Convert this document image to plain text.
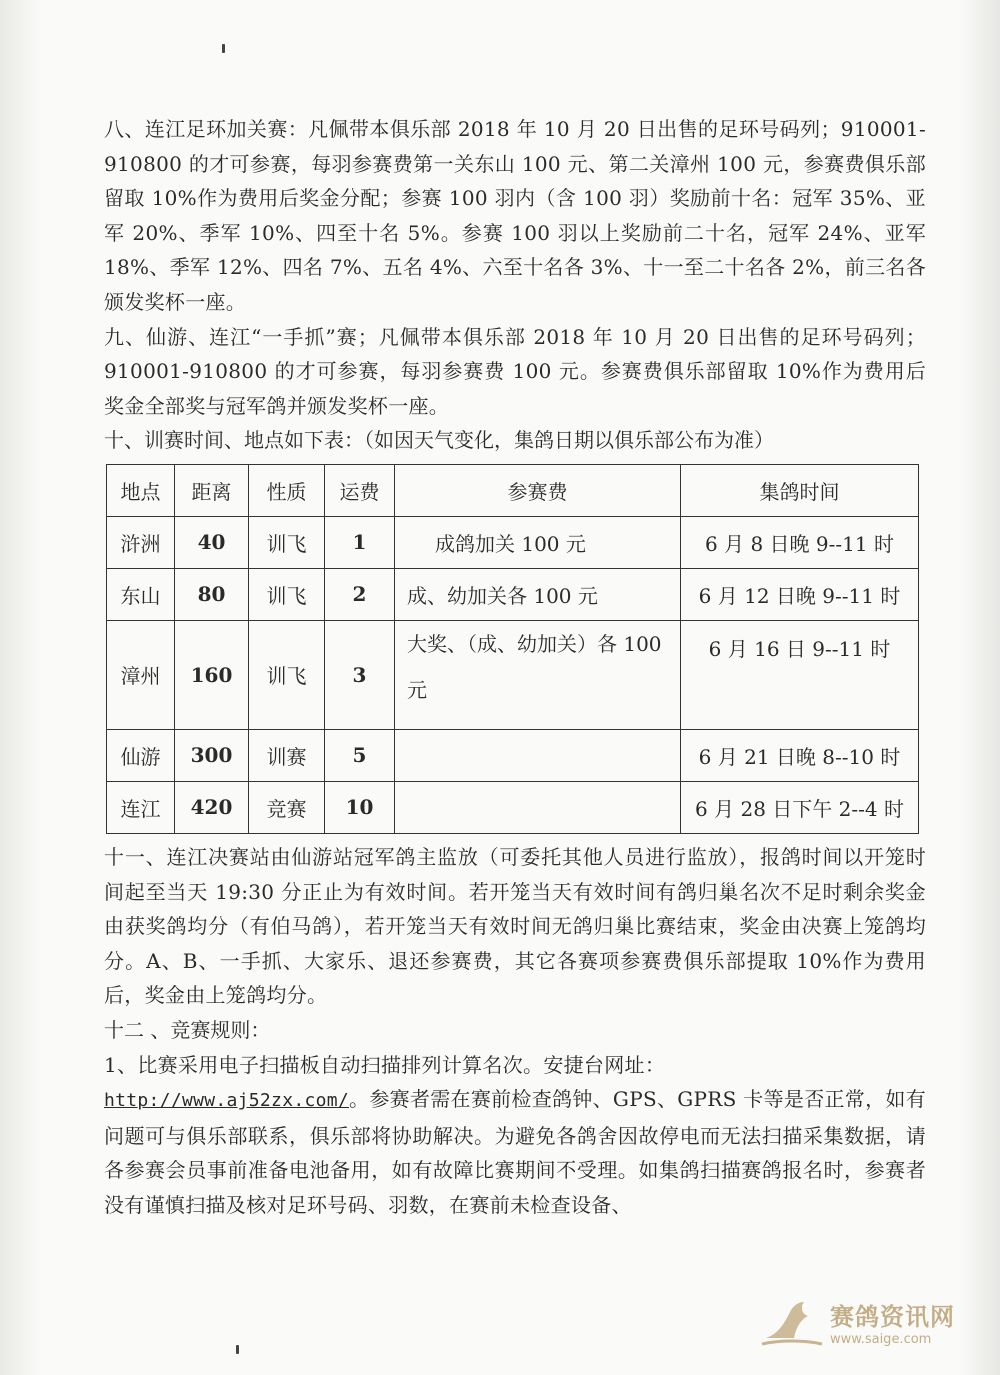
八、连江足环加关赛：凡佩带本俱乐部 2018 年 10 月 20 日出售的足环号码列；910001-910800 的才可参赛，每羽参赛费第一关东山 100 元、第二关漳州 100 元，参赛费俱乐部留取 10%作为费用后奖金分配；参赛 100 羽内（含 100 羽）奖励前十名：冠军 35%、亚军 20%、季军 10%、四至十名 5%。参赛 100 羽以上奖励前二十名，冠军 24%、亚军 18%、季军 12%、四名 7%、五名 4%、六至十名各 3%、十一至二十名各 2%，前三名各颁发奖杯一座。

九、仙游、连江“一手抓”赛；凡佩带本俱乐部 2018 年 10 月 20 日出售的足环号码列；910001-910800 的才可参赛，每羽参赛费 100 元。参赛费俱乐部留取 10%作为费用后奖金全部奖与冠军鸽并颁发奖杯一座。

十、训赛时间、地点如下表：（如因天气变化，集鸽日期以俱乐部公布为准）

地点	距离	性质	运费	参赛费	集鸽时间
浒洲	40	训飞	1	成鸽加关 100 元	6 月 8 日晚 9--11 时
东山	80	训飞	2	成、幼加关各 100 元	6 月 12 日晚 9--11 时
漳州	160	训飞	3	大奖、（成、幼加关）各 100 元	6 月 16 日 9--11 时
仙游	300	训赛	5		6 月 21 日晚 8--10 时
连江	420	竞赛	10		6 月 28 日下午 2--4 时

十一、连江决赛站由仙游站冠军鸽主监放（可委托其他人员进行监放），报鸽时间以开笼时间起至当天 19:30 分正止为有效时间。若开笼当天有效时间有鸽归巢名次不足时剩余奖金由获奖鸽均分（有伯马鸽），若开笼当天有效时间无鸽归巢比赛结束，奖金由决赛上笼鸽均分。A、B、一手抓、大家乐、退还参赛费，其它各赛项参赛费俱乐部提取 10%作为费用后，奖金由上笼鸽均分。

十二 、竞赛规则：

1、比赛采用电子扫描板自动扫描排列计算名次。安捷台网址：
http://www.aj52zx.com/。参赛者需在赛前检查鸽钟、GPS、GPRS 卡等是否正常，如有问题可与俱乐部联系，俱乐部将协助解决。为避免各鸽舍因故停电而无法扫描采集数据，请各参赛会员事前准备电池备用，如有故障比赛期间不受理。如集鸽扫描赛鸽报名时，参赛者没有谨慎扫描及核对足环号码、羽数，在赛前未检查设备、

赛鸽资讯网
www.saige.com
